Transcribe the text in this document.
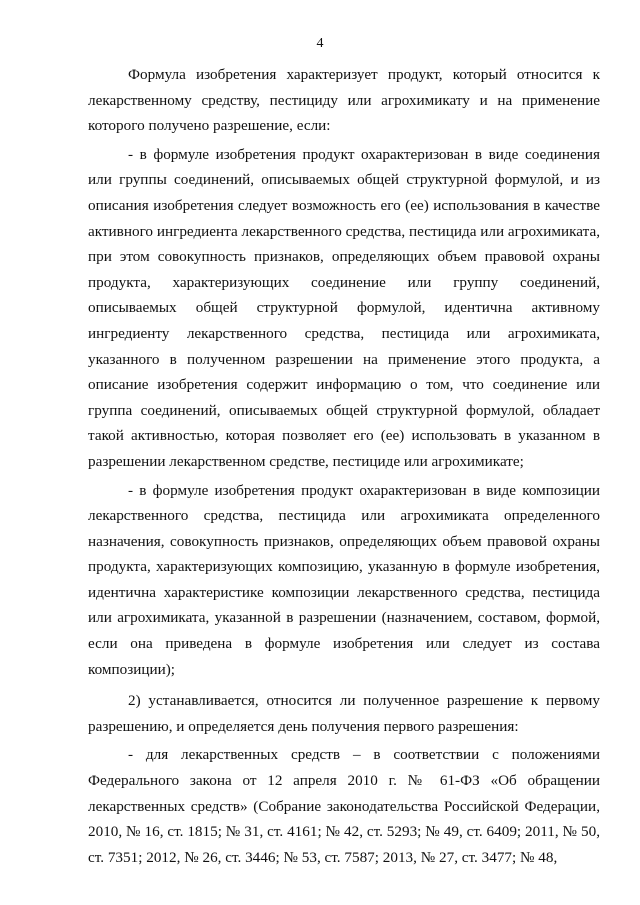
4

Формула изобретения характеризует продукт, который относится к лекарственному средству, пестициду или агрохимикату и на применение которого получено разрешение, если:

- в формуле изобретения продукт охарактеризован в виде соединения или группы соединений, описываемых общей структурной формулой, и из описания изобретения следует возможность его (ее) использования в качестве активного ингредиента лекарственного средства, пестицида или агрохимиката, при этом совокупность признаков, определяющих объем правовой охраны продукта, характеризующих соединение или группу соединений, описываемых общей структурной формулой, идентична активному ингредиенту лекарственного средства, пестицида или агрохимиката, указанного в полученном разрешении на применение этого продукта, а описание изобретения содержит информацию о том, что соединение или группа соединений, описываемых общей структурной формулой, обладает такой активностью, которая позволяет его (ее) использовать в указанном в разрешении лекарственном средстве, пестициде или агрохимикате;

- в формуле изобретения продукт охарактеризован в виде композиции лекарственного средства, пестицида или агрохимиката определенного назначения, совокупность признаков, определяющих объем правовой охраны продукта, характеризующих композицию, указанную в формуле изобретения, идентична характеристике композиции лекарственного средства, пестицида или агрохимиката, указанной в разрешении (назначением, составом, формой, если она приведена в формуле изобретения или следует из состава композиции);

2) устанавливается, относится ли полученное разрешение к первому разрешению, и определяется день получения первого разрешения:

- для лекарственных средств – в соответствии с положениями Федерального закона от 12 апреля 2010 г. № 61-ФЗ «Об обращении лекарственных средств» (Собрание законодательства Российской Федерации, 2010, № 16, ст. 1815; № 31, ст. 4161; № 42, ст. 5293; № 49, ст. 6409; 2011, № 50, ст. 7351; 2012, № 26, ст. 3446; № 53, ст. 7587; 2013, № 27, ст. 3477; № 48,
